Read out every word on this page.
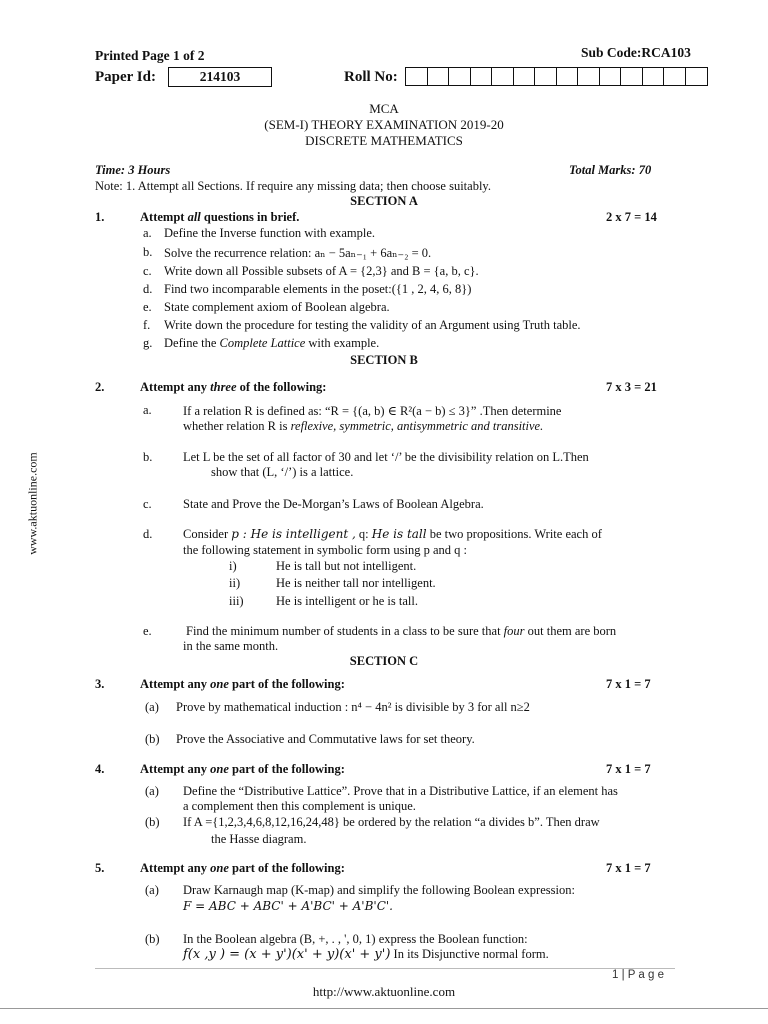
Printed Page 1 of 2	Sub Code:RCA103
Paper Id:	214103	Roll No:
MCA
(SEM-I) THEORY EXAMINATION 2019-20
DISCRETE MATHEMATICS
Time: 3 Hours	Total Marks: 70
Note: 1. Attempt all Sections. If require any missing data; then choose suitably.
SECTION A
1.	Attempt all questions in brief.	2 x 7 = 14
a. Define the Inverse function with example.
b. Solve the recurrence relation: aₙ − 5aₙ₋₁ + 6aₙ₋₂ = 0.
c. Write down all Possible subsets of A = {2,3} and B = {a, b, c}.
d. Find two incomparable elements in the poset:({1 , 2, 4, 6, 8})
e. State complement axiom of Boolean algebra.
f. Write down the procedure for testing the validity of an Argument using Truth table.
g. Define the Complete Lattice with example.
SECTION B
2.	Attempt any three of the following:	7 x 3 = 21
a.	If a relation R is defined as: “R = {(a, b) ∈ R²(a − b) ≤ 3}” .Then determine
whether relation R is reflexive, symmetric, antisymmetric and transitive.
b. Let L be the set of all factor of 30 and let ‘/’ be the divisibility relation on L.Then
show that (L, ‘/’) is a lattice.
c.	State and Prove the De-Morgan’s Laws of Boolean Algebra.
d. Consider p : He is intelligent , q: He is tall be two propositions. Write each of
the following statement in symbolic form using p and q :
i)	He is tall but not intelligent.
ii)	He is neither tall nor intelligent.
iii)	He is intelligent or he is tall.
e.	Find the minimum number of students in a class to be sure that four out them are born
in the same month.
SECTION C
3.	Attempt any one part of the following:	7 x 1 = 7
(a) Prove by mathematical induction : n⁴ − 4n² is divisible by 3 for all n≥2
(b) Prove the Associative and Commutative laws for set theory.
4.	Attempt any one part of the following:	7 x 1 = 7
(a) Define the “Distributive Lattice”. Prove that in a Distributive Lattice, if an element has
a complement then this complement is unique.
(b) If A ={1,2,3,4,6,8,12,16,24,48} be ordered by the relation “a divides b”. Then draw
the Hasse diagram.
5.	Attempt any one part of the following:	7 x 1 = 7
(a) Draw Karnaugh map (K-map) and simplify the following Boolean expression:
F = ABC + ABC' + A'BC' + A'B'C'.
(b) In the Boolean algebra (B, +, . , ', 0, 1) express the Boolean function:
f(x ,y ) = (x + y')(x' + y)(x' + y') In its Disjunctive normal form.
1 | P a g e
http://www.aktuonline.com
www.aktuonline.com
